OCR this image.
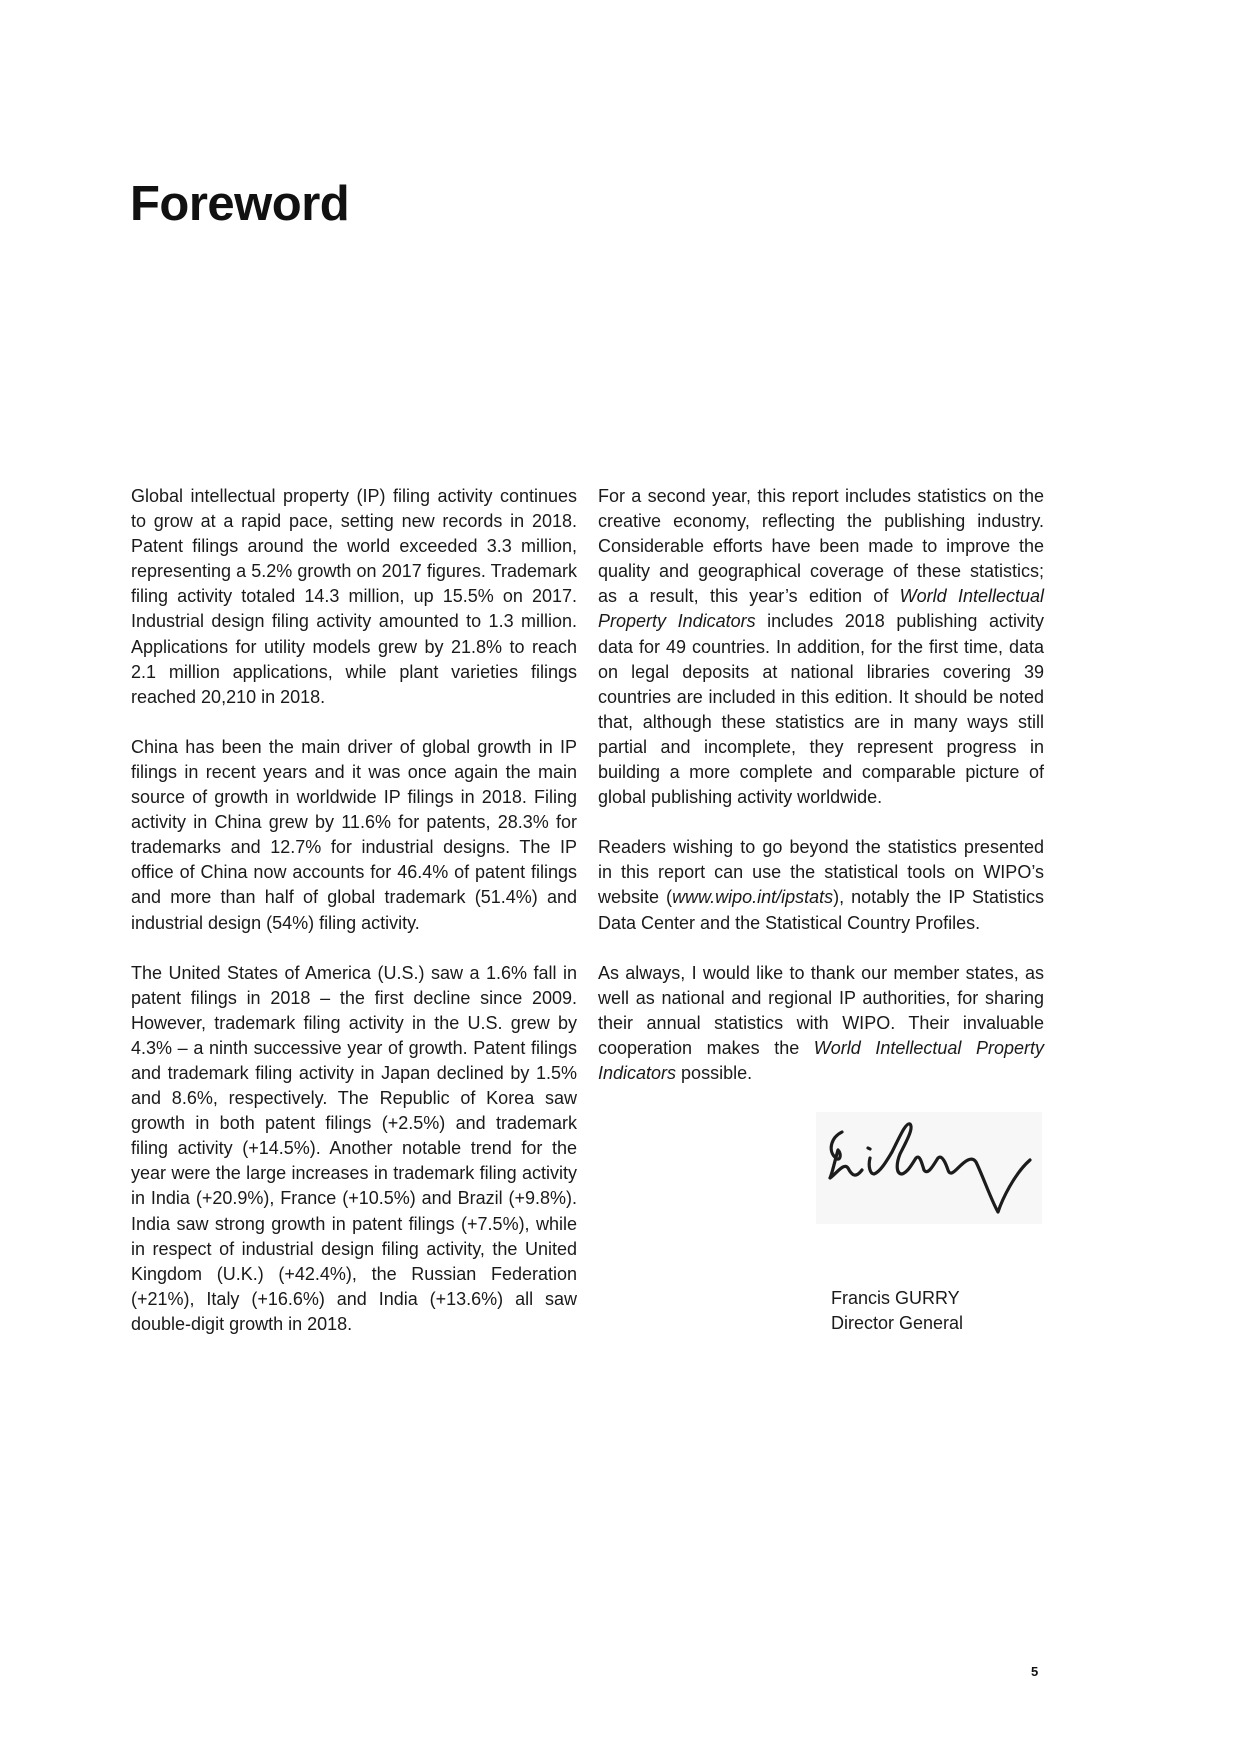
Foreword

Global intellectual property (IP) filing activity continues to grow at a rapid pace, setting new records in 2018. Patent filings around the world exceeded 3.3 million, representing a 5.2% growth on 2017 figures. Trademark filing activity totaled 14.3 million, up 15.5% on 2017. Industrial design filing activity amounted to 1.3 million. Applications for utility models grew by 21.8% to reach 2.1 million applications, while plant varieties filings reached 20,210 in 2018.

China has been the main driver of global growth in IP filings in recent years and it was once again the main source of growth in worldwide IP filings in 2018. Filing activity in China grew by 11.6% for patents, 28.3% for trademarks and 12.7% for industrial designs. The IP office of China now accounts for 46.4% of patent filings and more than half of global trademark (51.4%) and industrial design (54%) filing activity.

The United States of America (U.S.) saw a 1.6% fall in patent filings in 2018 – the first decline since 2009. However, trademark filing activity in the U.S. grew by 4.3% – a ninth successive year of growth. Patent filings and trademark filing activity in Japan declined by 1.5% and 8.6%, respectively. The Republic of Korea saw growth in both patent filings (+2.5%) and trademark filing activity (+14.5%). Another notable trend for the year were the large increases in trademark filing activity in India (+20.9%), France (+10.5%) and Brazil (+9.8%). India saw strong growth in patent filings (+7.5%), while in respect of industrial design filing activity, the United Kingdom (U.K.) (+42.4%), the Russian Federation (+21%), Italy (+16.6%) and India (+13.6%) all saw double-digit growth in 2018.

For a second year, this report includes statistics on the creative economy, reflecting the publishing industry. Considerable efforts have been made to improve the quality and geographical coverage of these statistics; as a result, this year’s edition of World Intellectual Property Indicators includes 2018 publishing activity data for 49 countries. In addition, for the first time, data on legal deposits at national libraries covering 39 countries are included in this edition. It should be noted that, although these statistics are in many ways still partial and incomplete, they represent progress in building a more complete and comparable picture of global publishing activity worldwide.

Readers wishing to go beyond the statistics presented in this report can use the statistical tools on WIPO’s website (www.wipo.int/ipstats), notably the IP Statistics Data Center and the Statistical Country Profiles.

As always, I would like to thank our member states, as well as national and regional IP authorities, for sharing their annual statistics with WIPO. Their invaluable cooperation makes the World Intellectual Property Indicators possible.

Francis GURRY
Director General
5
